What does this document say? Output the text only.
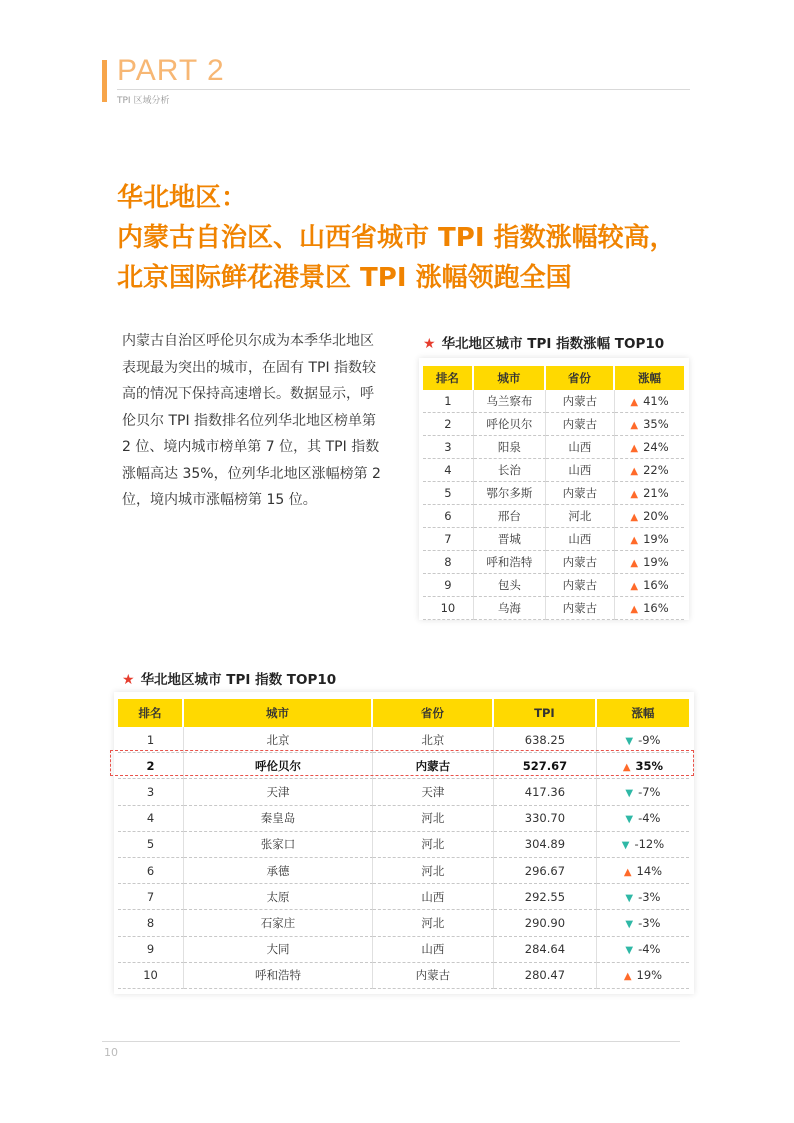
PART 2
TPI 区域分析
华北地区：
内蒙古自治区、山西省城市 TPI 指数涨幅较高，
北京国际鲜花港景区 TPI 涨幅领跑全国
内蒙古自治区呼伦贝尔成为本季华北地区表现最为突出的城市，在固有 TPI 指数较高的情况下保持高速增长。数据显示，呼伦贝尔 TPI 指数排名位列华北地区榜单第 2 位、境内城市榜单第 7 位，其 TPI 指数涨幅高达 35%，位列华北地区涨幅榜第 2 位，境内城市涨幅榜第 15 位。
★ 华北地区城市 TPI 指数涨幅 TOP10
排名	城市	省份	涨幅
1	乌兰察布	内蒙古	▲ 41%
2	呼伦贝尔	内蒙古	▲ 35%
3	阳泉	山西	▲ 24%
4	长治	山西	▲ 22%
5	鄂尔多斯	内蒙古	▲ 21%
6	邢台	河北	▲ 20%
7	晋城	山西	▲ 19%
8	呼和浩特	内蒙古	▲ 19%
9	包头	内蒙古	▲ 16%
10	乌海	内蒙古	▲ 16%
★ 华北地区城市 TPI 指数 TOP10
排名	城市	省份	TPI	涨幅
1	北京	北京	638.25	▼ -9%
2	呼伦贝尔	内蒙古	527.67	▲ 35%
3	天津	天津	417.36	▼ -7%
4	秦皇岛	河北	330.70	▼ -4%
5	张家口	河北	304.89	▼ -12%
6	承德	河北	296.67	▲ 14%
7	太原	山西	292.55	▼ -3%
8	石家庄	河北	290.90	▼ -3%
9	大同	山西	284.64	▼ -4%
10	呼和浩特	内蒙古	280.47	▲ 19%
10
